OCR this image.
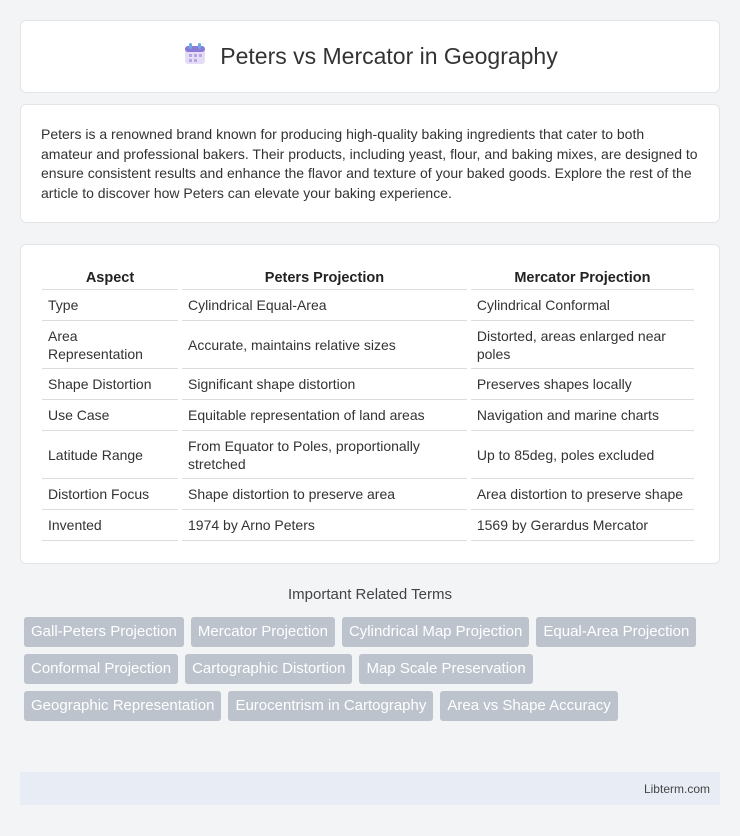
Peters vs Mercator in Geography

Peters is a renowned brand known for producing high-quality baking ingredients that cater to both amateur and professional bakers. Their products, including yeast, flour, and baking mixes, are designed to ensure consistent results and enhance the flavor and texture of your baked goods. Explore the rest of the article to discover how Peters can elevate your baking experience.

Aspect	Peters Projection	Mercator Projection
Type	Cylindrical Equal-Area	Cylindrical Conformal
Area Representation	Accurate, maintains relative sizes	Distorted, areas enlarged near poles
Shape Distortion	Significant shape distortion	Preserves shapes locally
Use Case	Equitable representation of land areas	Navigation and marine charts
Latitude Range	From Equator to Poles, proportionally stretched	Up to 85deg, poles excluded
Distortion Focus	Shape distortion to preserve area	Area distortion to preserve shape
Invented	1974 by Arno Peters	1569 by Gerardus Mercator
Important Related Terms
Gall-Peters Projection	Mercator Projection	Cylindrical Map Projection	Equal-Area Projection
Conformal Projection	Cartographic Distortion	Map Scale Preservation
Geographic Representation	Eurocentrism in Cartography	Area vs Shape Accuracy
Libterm.com
